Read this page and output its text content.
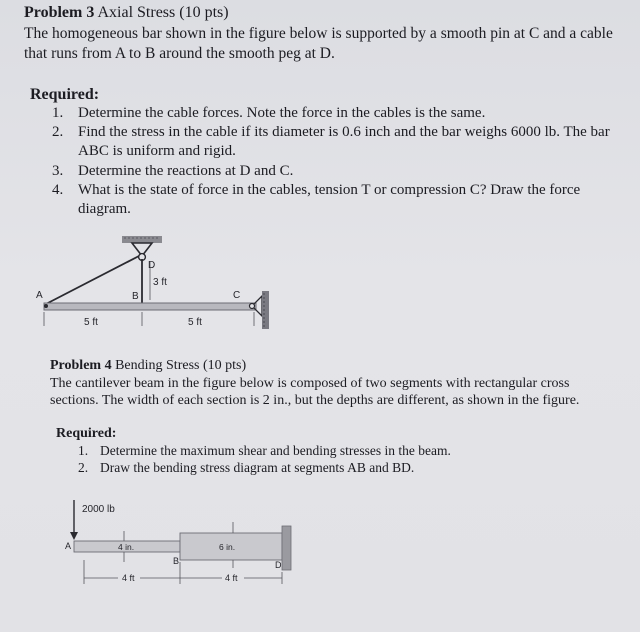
Problem 3 Axial Stress (10 pts)
The homogeneous bar shown in the figure below is supported by a smooth pin at C and a cable
that runs from A to B around the smooth peg at D.
Required:
1. Determine the cable forces. Note the force in the cables is the same.
2. Find the stress in the cable if its diameter is 0.6 inch and the bar weighs 6000 lb. The bar
ABC is uniform and rigid.
3. Determine the reactions at D and C.
4. What is the state of force in the cables, tension T or compression C? Draw the force
diagram.
A	B	C
D
3 ft
5 ft	5 ft
Problem 4 Bending Stress (10 pts)
The cantilever beam in the figure below is composed of two segments with rectangular cross
sections. The width of each section is 2 in., but the depths are different, as shown in the figure.
Required:
1. Determine the maximum shear and bending stresses in the beam.
2. Draw the bending stress diagram at segments AB and BD.
2000 lb
4 in.	6 in.
A
B	D
4 ft	4 ft
